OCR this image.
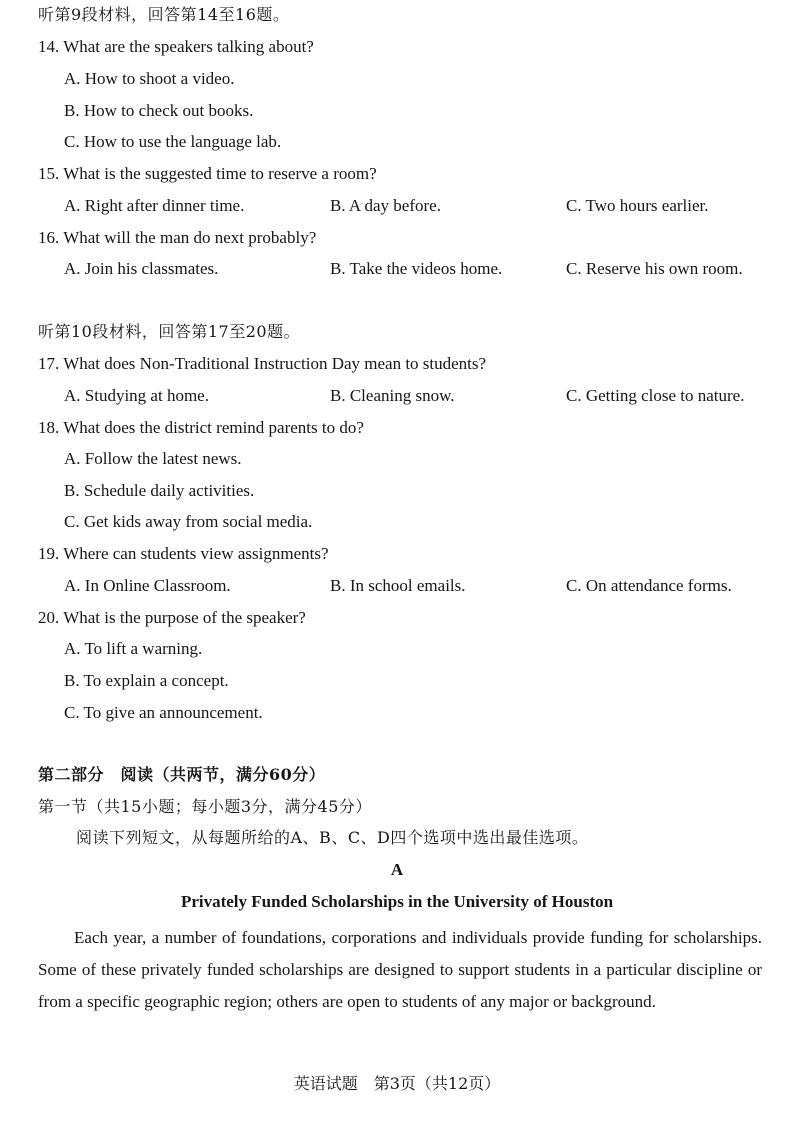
听第9段材料，回答第14至16题。
14. What are the speakers talking about?
A. How to shoot a video.
B. How to check out books.
C. How to use the language lab.
15. What is the suggested time to reserve a room?
A. Right after dinner time.	B. A day before.	C. Two hours earlier.
16. What will the man do next probably?
A. Join his classmates.	B. Take the videos home.	C. Reserve his own room.
听第10段材料，回答第17至20题。
17. What does Non-Traditional Instruction Day mean to students?
A. Studying at home.	B. Cleaning snow.	C. Getting close to nature.
18. What does the district remind parents to do?
A. Follow the latest news.
B. Schedule daily activities.
C. Get kids away from social media.
19. Where can students view assignments?
A. In Online Classroom.	B. In school emails.	C. On attendance forms.
20. What is the purpose of the speaker?
A. To lift a warning.
B. To explain a concept.
C. To give an announcement.
第二部分　阅读（共两节，满分60分）
第一节（共15小题；每小题3分，满分45分）
阅读下列短文，从每题所给的A、B、C、D四个选项中选出最佳选项。
A
Privately Funded Scholarships in the University of Houston
Each year, a number of foundations, corporations and individuals provide funding for scholarships. Some of these privately funded scholarships are designed to support students in a particular discipline or from a specific geographic region; others are open to students of any major or background.
英语试题　第3页（共12页）
